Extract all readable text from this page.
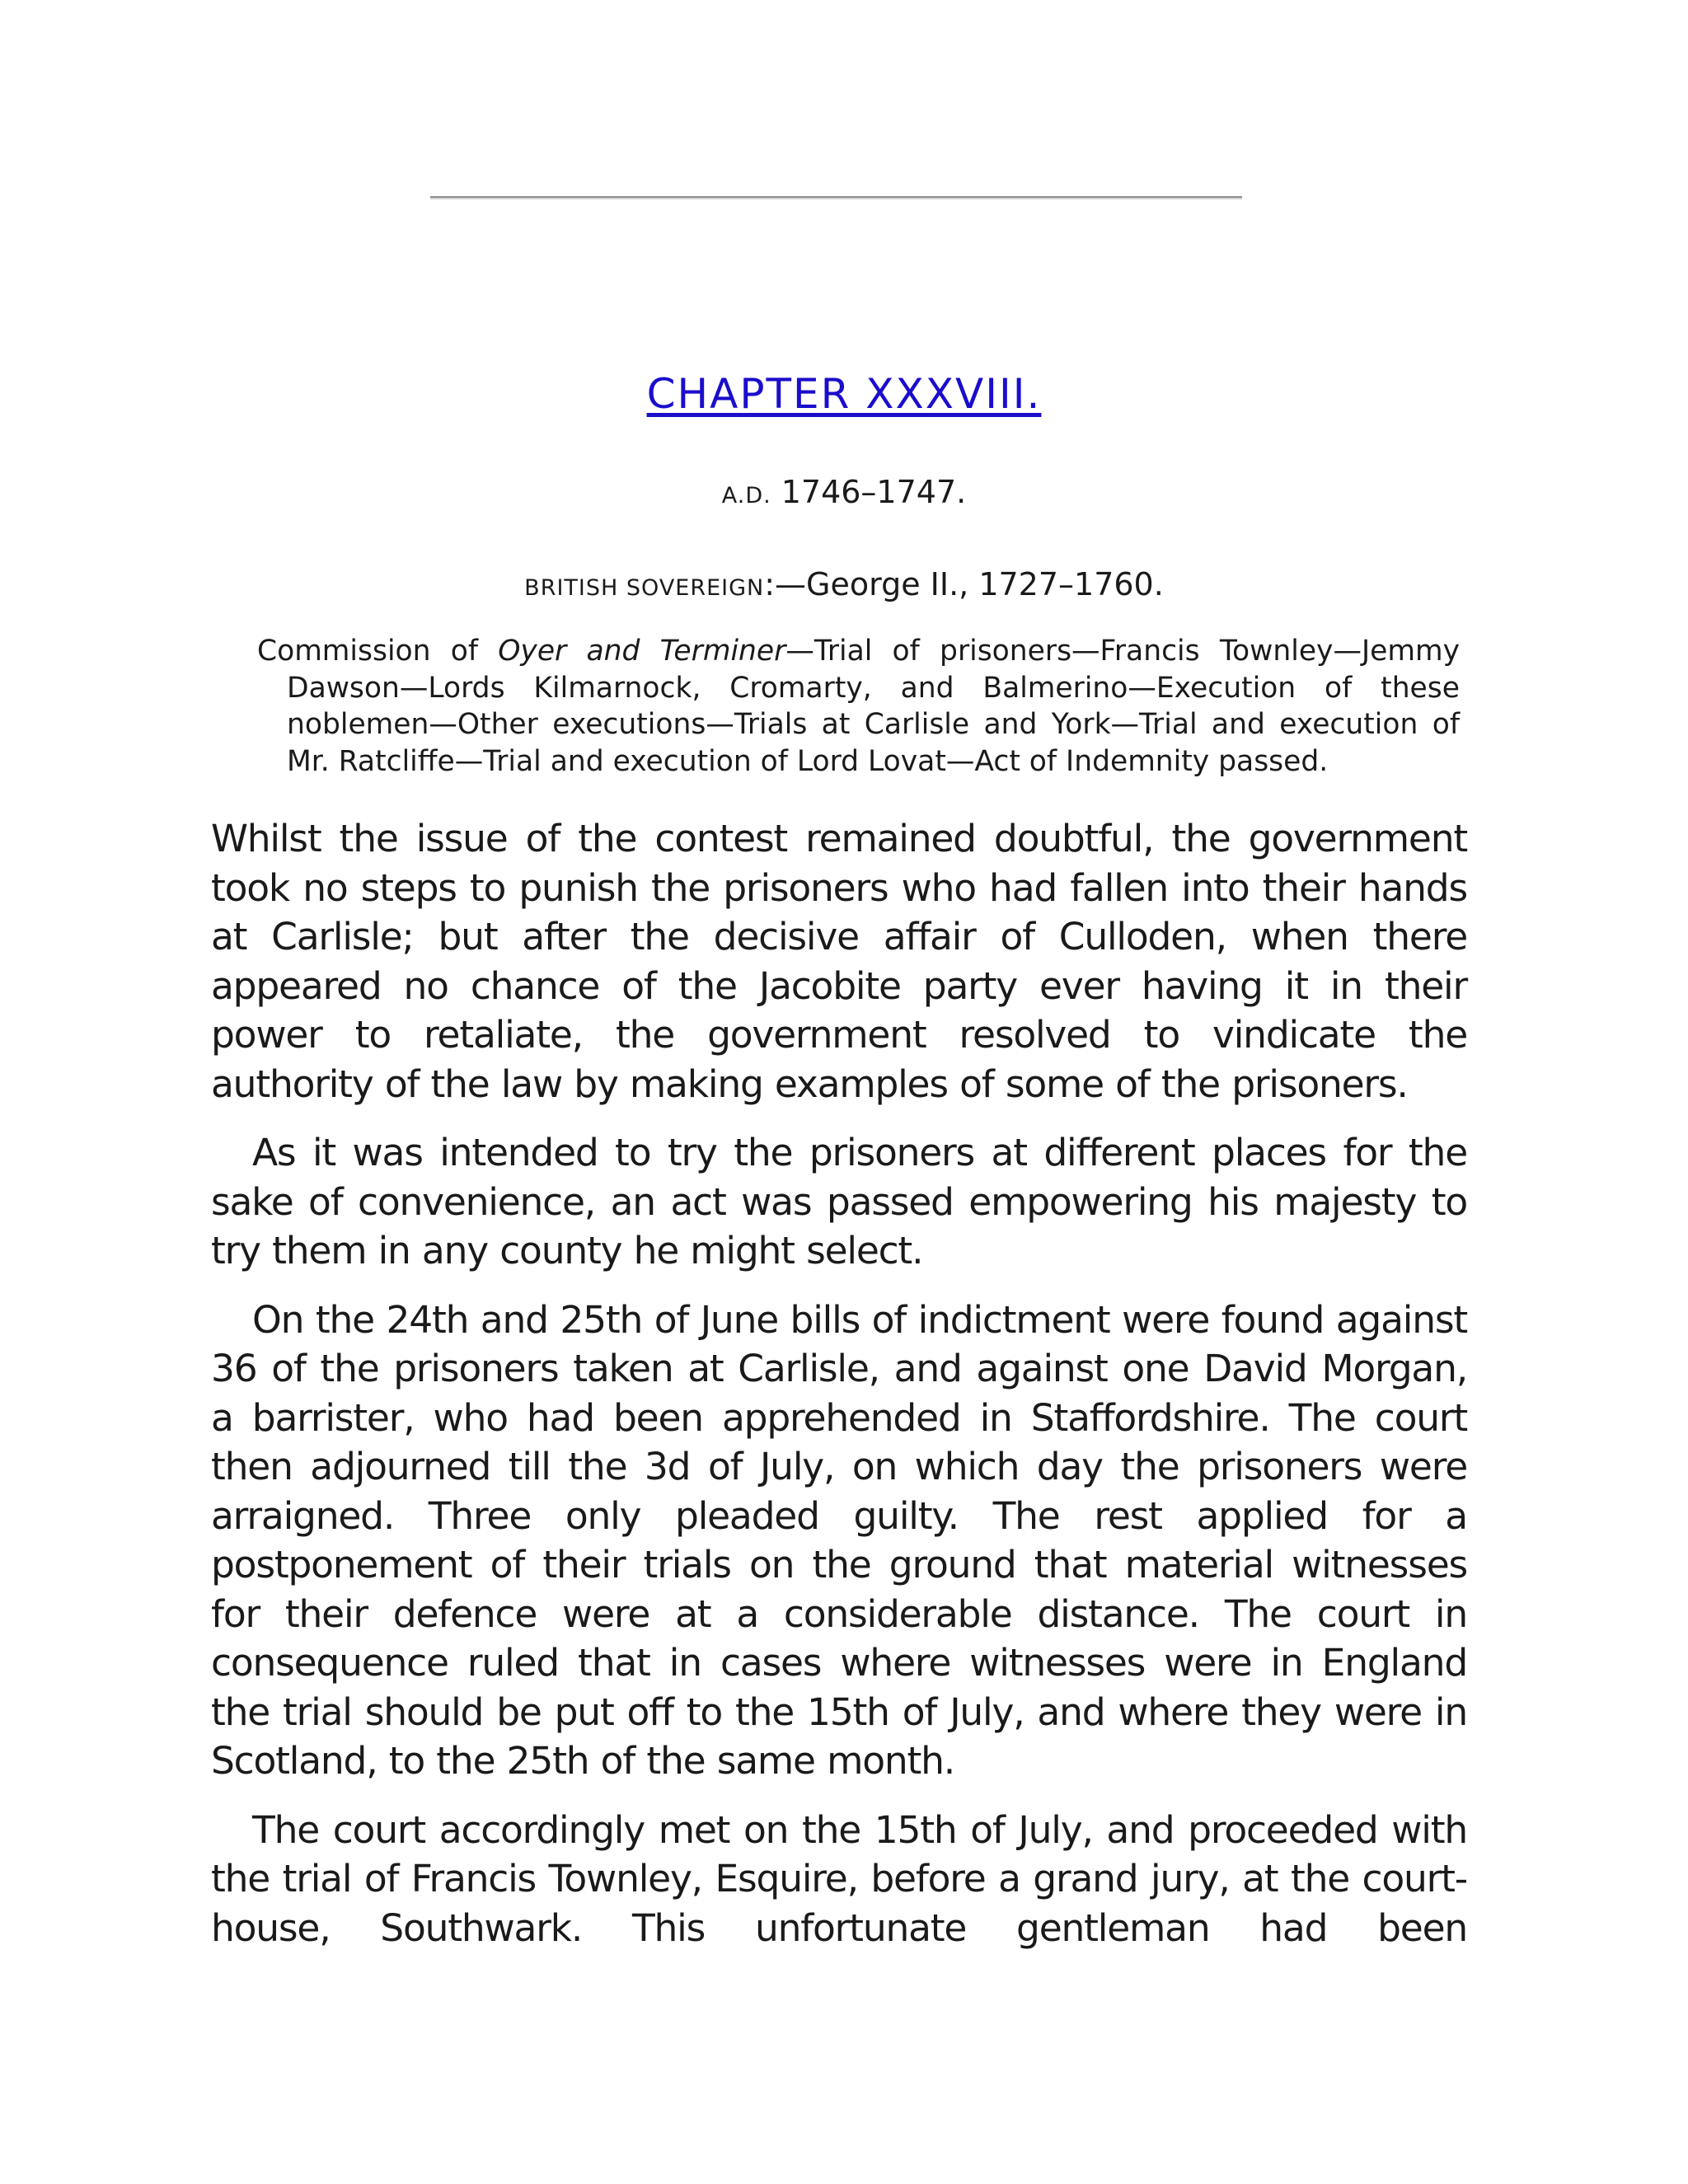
CHAPTER XXXVIII.
A.D. 1746–1747.
BRITISH SOVEREIGN:—George II., 1727–1760.
Commission of Oyer and Terminer—Trial of prisoners—Francis Townley—Jemmy Dawson—Lords Kilmarnock, Cromarty, and Balmerino—Execution of these noblemen—Other executions—Trials at Carlisle and York—Trial and execution of Mr. Ratcliffe—Trial and execution of Lord Lovat—Act of Indemnity passed.

Whilst the issue of the contest remained doubtful, the government took no steps to punish the prisoners who had fallen into their hands at Carlisle; but after the decisive affair of Culloden, when there appeared no chance of the Jacobite party ever having it in their power to retaliate, the government resolved to vindicate the authority of the law by making examples of some of the prisoners.

As it was intended to try the prisoners at different places for the sake of convenience, an act was passed empowering his majesty to try them in any county he might select.

On the 24th and 25th of June bills of indictment were found against 36 of the prisoners taken at Carlisle, and against one David Morgan, a barrister, who had been apprehended in Staffordshire. The court then adjourned till the 3d of July, on which day the prisoners were arraigned. Three only pleaded guilty. The rest applied for a postponement of their trials on the ground that material witnesses for their defence were at a considerable distance. The court in consequence ruled that in cases where witnesses were in England the trial should be put off to the 15th of July, and where they were in Scotland, to the 25th of the same month.

The court accordingly met on the 15th of July, and proceeded with the trial of Francis Townley, Esquire, before a grand jury, at the court-house, Southwark. This unfortunate gentleman had been
